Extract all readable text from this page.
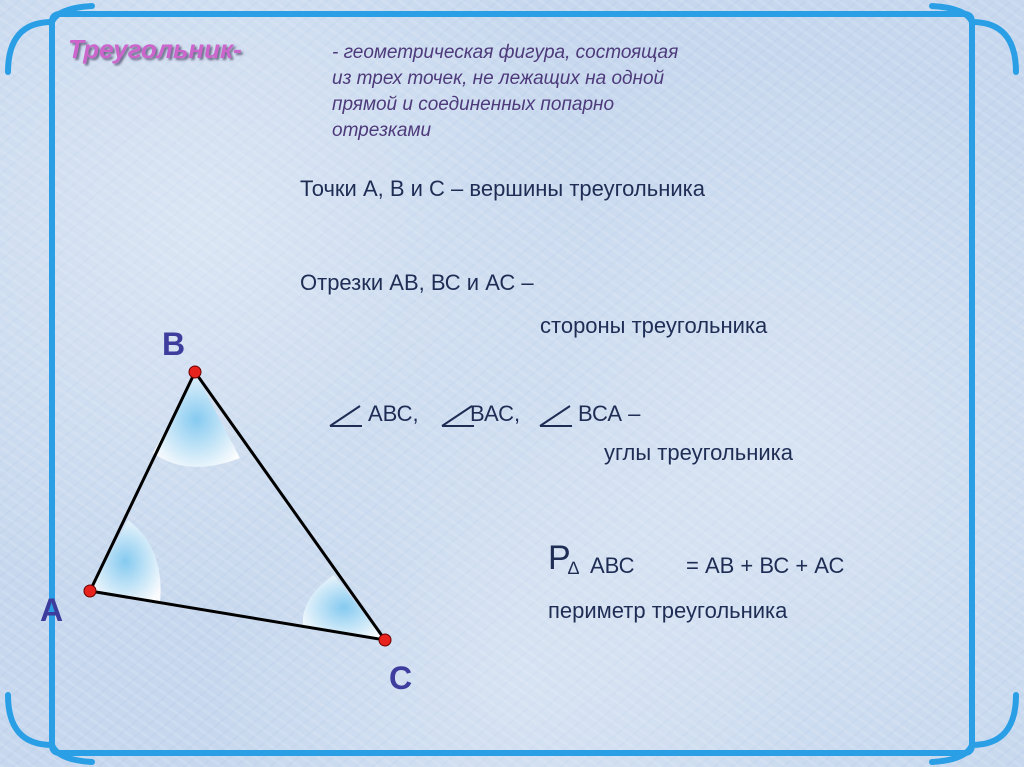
Треугольник-	- геометрическая фигура, состоящая
из трех точек, не лежащих на одной
прямой и соединенных попарно
отрезками
Точки А, В и С – вершины треугольника
Отрезки АВ, ВС и АС –
стороны треугольника
АВС, ВАС,	ВСА –
углы треугольника
Р
∆ АВС = АВ + ВС + АС
периметр треугольника
В
А
С
